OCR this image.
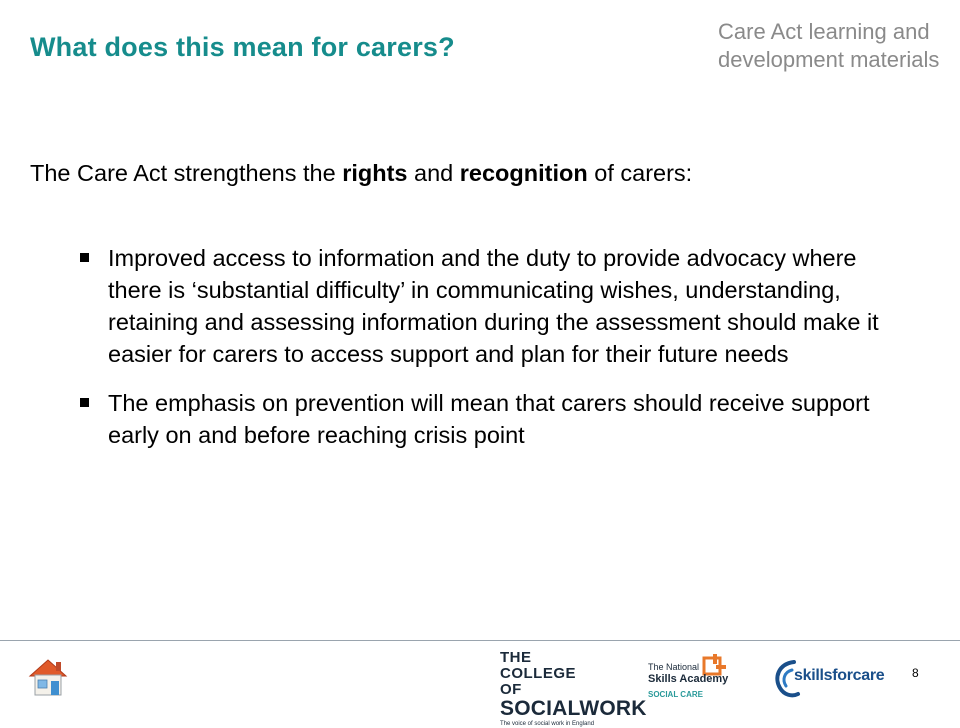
What does this mean for carers?
Care Act learning and
development materials

The Care Act strengthens the rights and recognition of carers:

Improved access to information and the duty to provide advocacy where there is ‘substantial difficulty’ in communicating wishes, understanding, retaining and assessing information during the assessment should make it easier for carers to access support and plan for their future needs
The emphasis on prevention will mean that carers should receive support early on and before reaching crisis point
THE COLLEGE OF
SOCIALWORK
The voice of social work in England
The National
Skills Academy
SOCIAL CARE
skillsforcare 8
